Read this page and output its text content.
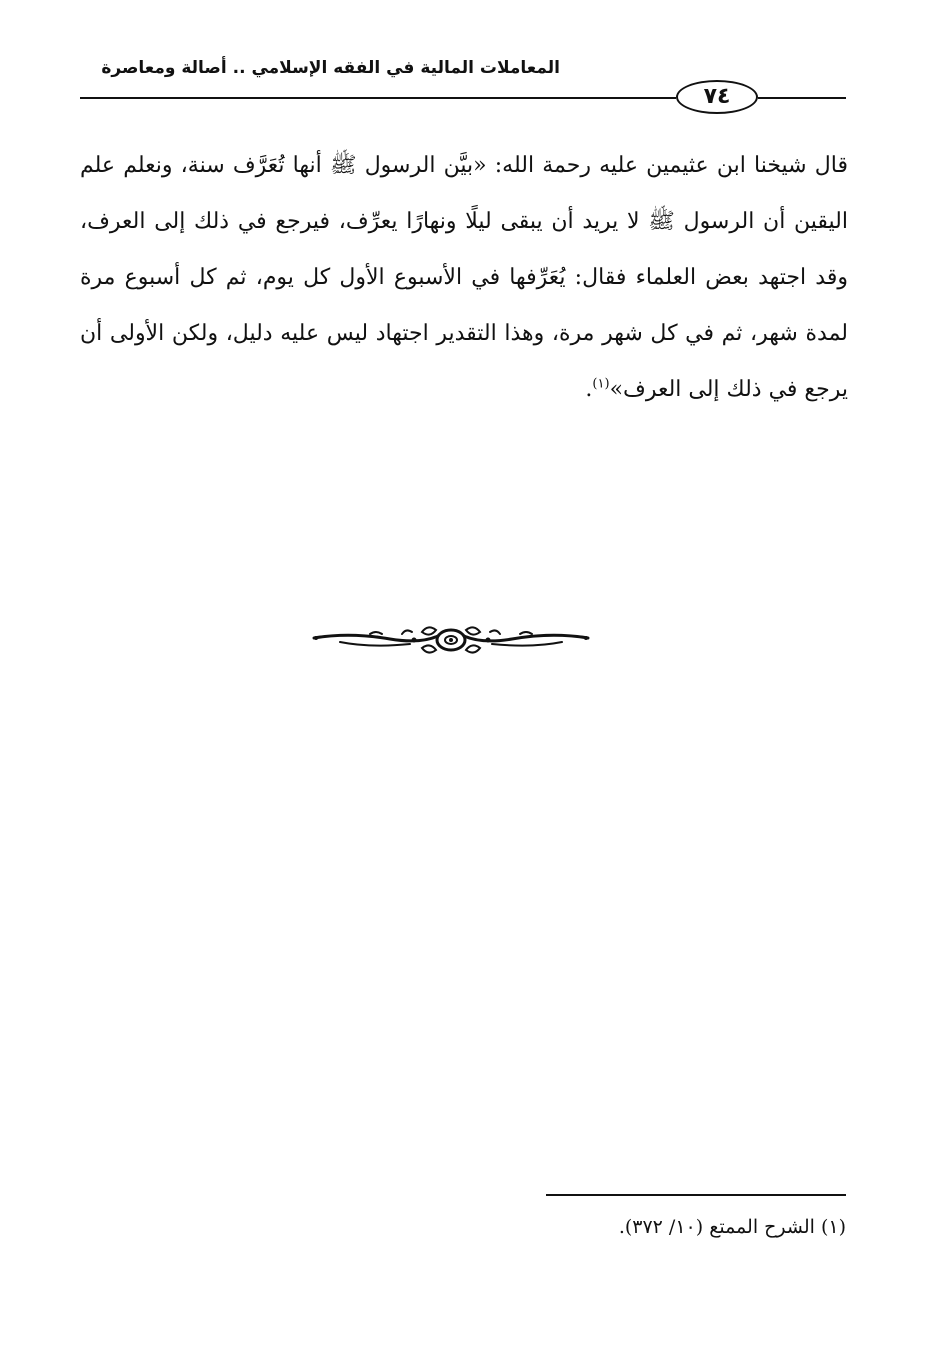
المعاملات المالية في الفقه الإسلامي .. أصالة ومعاصرة
٧٤
قال شيخنا ابن عثيمين عليه رحمة الله: «بيَّن الرسول ﷺ أنها تُعَرَّف سنة، ونعلم علم اليقين أن الرسول ﷺ لا يريد أن يبقى ليلًا ونهارًا يعرِّف، فيرجع في ذلك إلى العرف، وقد اجتهد بعض العلماء فقال: يُعَرِّفها في الأسبوع الأول كل يوم، ثم كل أسبوع مرة لمدة شهر، ثم في كل شهر مرة، وهذا التقدير اجتهاد ليس عليه دليل، ولكن الأولى أن يرجع في ذلك إلى العرف»$^{(١)}$.
(١) الشرح الممتع (١٠/ ٣٧٢).
